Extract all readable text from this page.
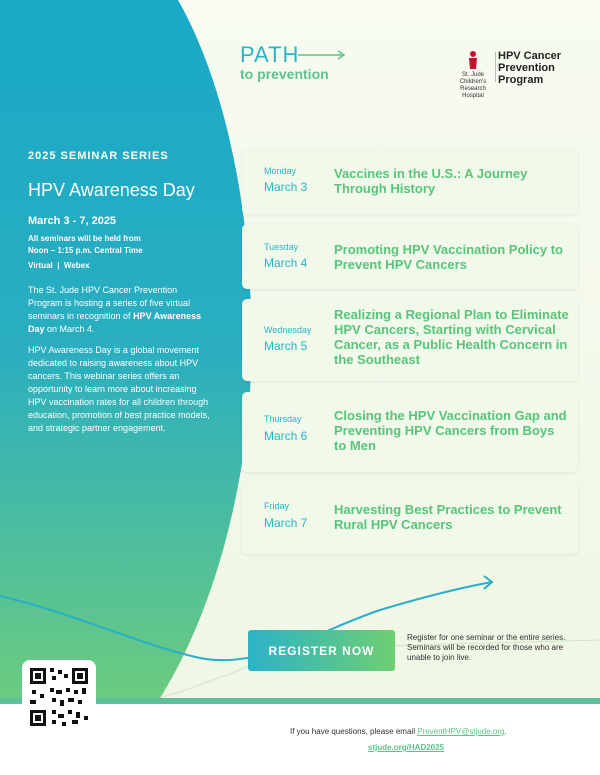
PATH
to prevention	St. Jude Children's Research Hospital
HPV Cancer
Prevention
Program
2025 SEMINAR SERIES
HPV Awareness Day
March 3 - 7, 2025
All seminars will be held from
Noon – 1:15 p.m. Central Time
Virtual | Webex
The St. Jude HPV Cancer Prevention Program is hosting a series of five virtual seminars in recognition of HPV Awareness Day on March 4.
HPV Awareness Day is a global movement dedicated to raising awareness about HPV cancers. This webinar series offers an opportunity to learn more about increasing HPV vaccination rates for all children through education, promotion of best practice models, and strategic partner engagement.
Monday
March 3
Vaccines in the U.S.: A Journey Through History
Tuesday
March 4
Promoting HPV Vaccination Policy to Prevent HPV Cancers
Wednesday
March 5
Realizing a Regional Plan to Eliminate HPV Cancers, Starting with Cervical Cancer, as a Public Health Concern in the Southeast
Thursday
March 6
Closing the HPV Vaccination Gap and Preventing HPV Cancers from Boys to Men
Friday
March 7
Harvesting Best Practices to Prevent Rural HPV Cancers
REGISTER NOW
Register for one seminar or the entire series. Seminars will be recorded for those who are unable to join live.
Scan to register
If you have questions, please email PreventHPV@stjude.org.
stjude.org/HAD2025
